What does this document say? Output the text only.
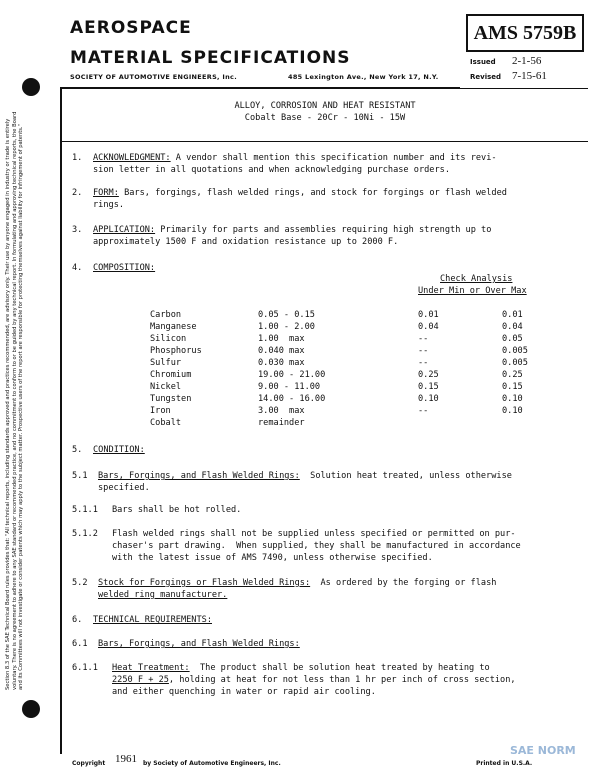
AEROSPACE
MATERIAL SPECIFICATIONS
SOCIETY OF AUTOMOTIVE ENGINEERS, Inc.	485 Lexington Ave., New York 17, N.Y.
AMS 5759B
Issued 2-1-56
Revised 7-15-61
ALLOY, CORROSION AND HEAT RESISTANT
Cobalt Base - 20Cr - 10Ni - 15W
1. ACKNOWLEDGMENT: A vendor shall mention this specification number and its revi-
sion letter in all quotations and when acknowledging purchase orders.
2. FORM: Bars, forgings, flash welded rings, and stock for forgings or flash welded
rings.
3. APPLICATION: Primarily for parts and assemblies requiring high strength up to
approximately 1500 F and oxidation resistance up to 2000 F.
4. COMPOSITION:
Check Analysis
Under Min or Over Max
Carbon	0.05 - 0.15	0.01	0.01
Manganese	1.00 - 2.00	0.04	0.04
Silicon	1.00  max	--	0.05
Phosphorus	0.040 max	--	0.005
Sulfur	0.030 max	--	0.005
Chromium	19.00 - 21.00	0.25	0.25
Nickel	9.00 - 11.00	0.15	0.15
Tungsten	14.00 - 16.00	0.10	0.10
Iron	3.00  max	--	0.10
Cobalt	remainder
5. CONDITION:
5.1 Bars, Forgings, and Flash Welded Rings: Solution heat treated, unless otherwise
specified.
5.1.1 Bars shall be hot rolled.
5.1.2 Flash welded rings shall not be supplied unless specified or permitted on pur-
chaser's part drawing.  When supplied, they shall be manufactured in accordance
with the latest issue of AMS 7490, unless otherwise specified.
5.2 Stock for Forgings or Flash Welded Rings: As ordered by the forging or flash
welded ring manufacturer.
6. TECHNICAL REQUIREMENTS:
6.1 Bars, Forgings, and Flash Welded Rings:
6.1.1 Heat Treatment: The product shall be solution heat treated by heating to
2250 F + 25, holding at heat for not less than 1 hr per inch of cross section,
and either quenching in water or rapid air cooling.
Section 8.3 of the SAE Technical Board rules provides that: "All technical reports, including standards approved and practices recommended, are advisory only. Their use by anyone engaged in industry or trade is entirely voluntary. There is no agreement to adhere to any SAE standard or recommended practice, and no commitment to conform to or be guided by any technical report. In formulating and approving technical reports, the Board and its Committees will not investigate or consider patents which may apply to the subject matter. Prospective users of the report are responsible for protecting themselves against liability for infringement of patents."
Copyright 1961 by Society of Automotive Engineers, Inc.	Printed in U.S.A.
SAE NORM
